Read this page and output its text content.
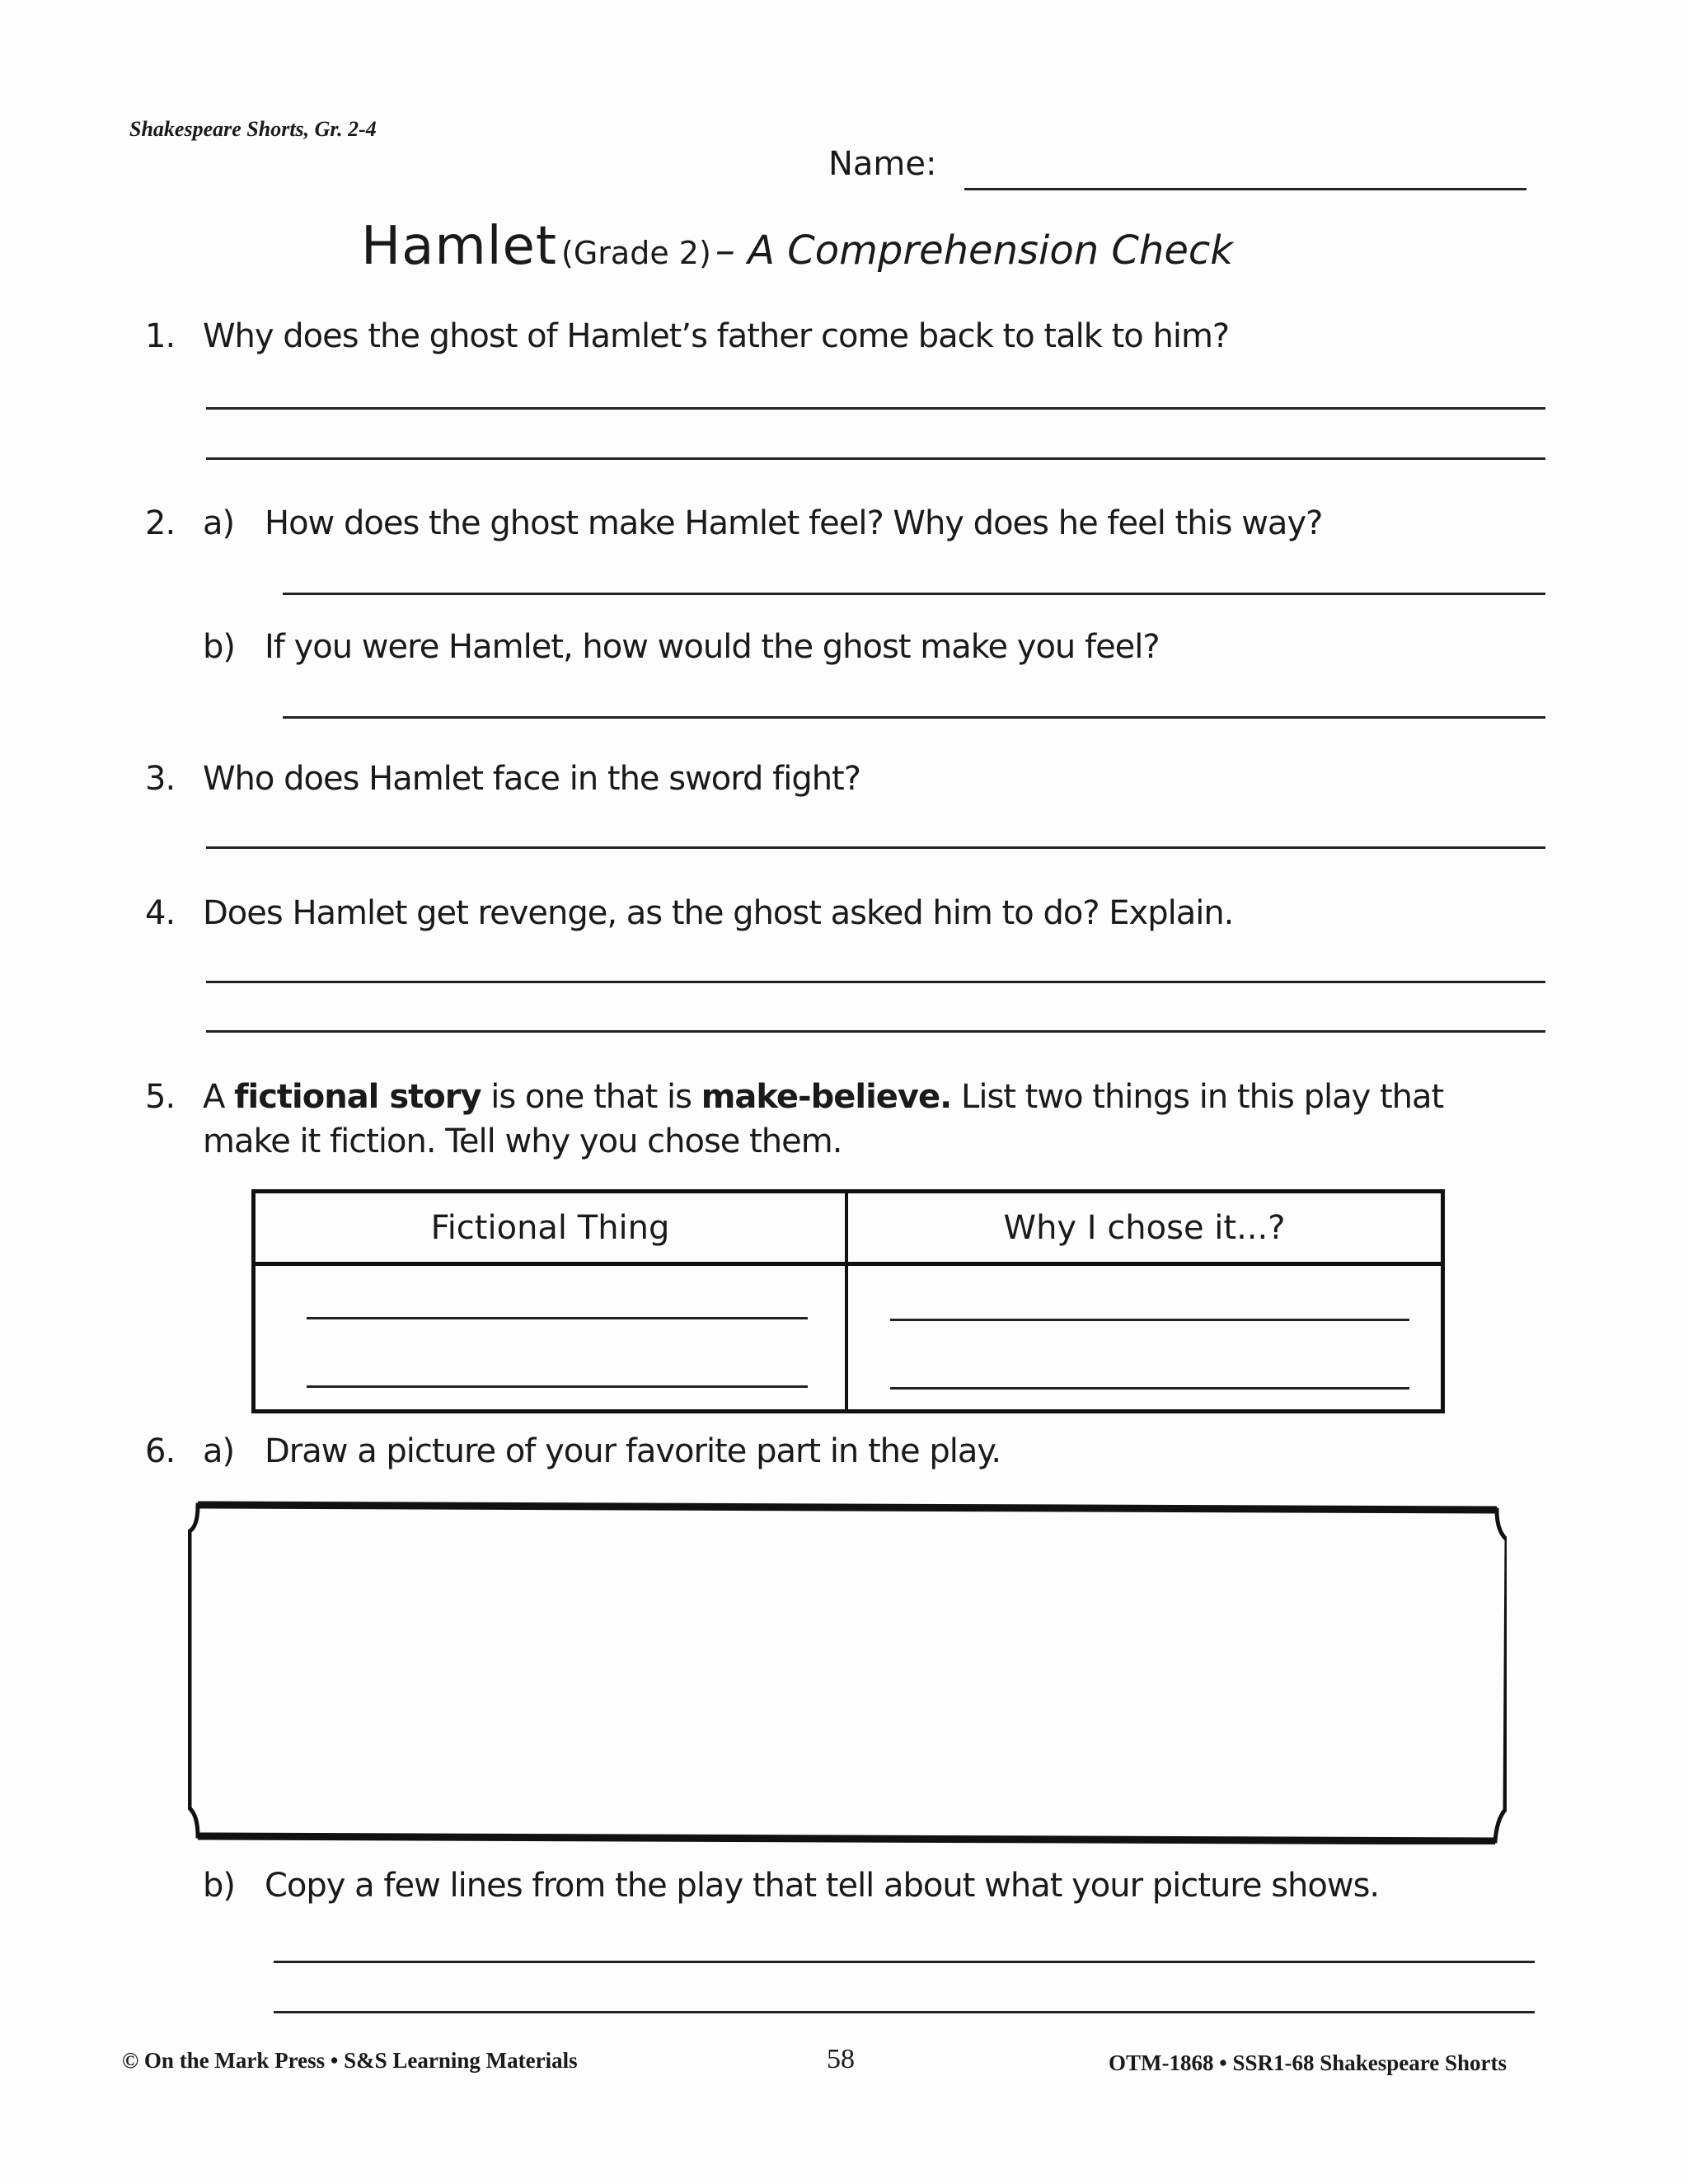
Shakespeare Shorts, Gr. 2-4
Name:
Hamlet (Grade 2) – A Comprehension Check
1. Why does the ghost of Hamlet’s father come back to talk to him?
2. a) How does the ghost make Hamlet feel? Why does he feel this way?
b) If you were Hamlet, how would the ghost make you feel?
3. Who does Hamlet face in the sword fight?
4. Does Hamlet get revenge, as the ghost asked him to do? Explain.
5. A fictional story is one that is make-believe. List two things in this play that
make it fiction. Tell why you chose them.
Fictional Thing	Why I chose it...?
6. a) Draw a picture of your favorite part in the play.
b) Copy a few lines from the play that tell about what your picture shows.
© On the Mark Press • S&S Learning Materials	58	OTM-1868 • SSR1-68 Shakespeare Shorts
